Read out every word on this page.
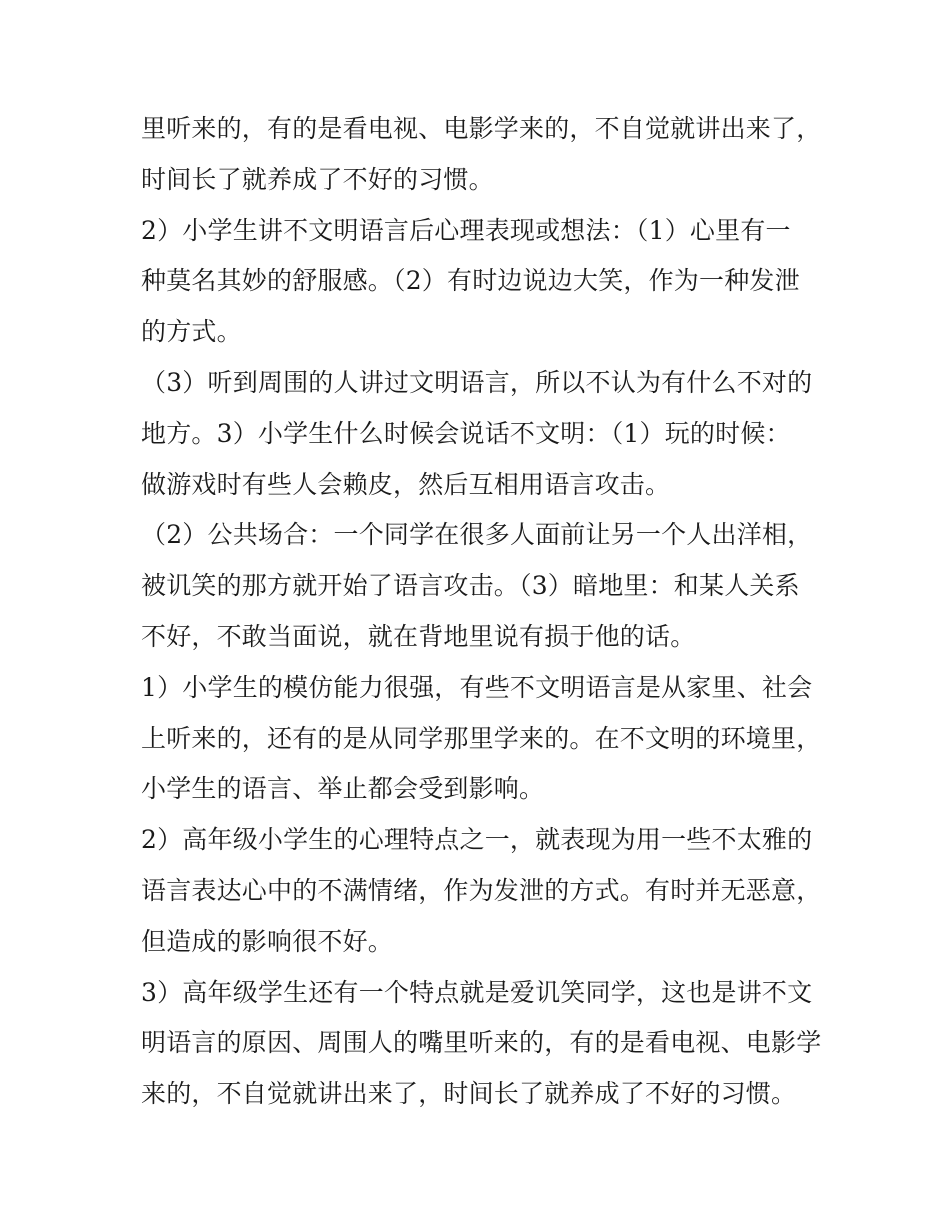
里听来的，有的是看电视、电影学来的，不自觉就讲出来了，
时间长了就养成了不好的习惯。
2）小学生讲不文明语言后心理表现或想法：（1）心里有一
种莫名其妙的舒服感。（2）有时边说边大笑，作为一种发泄
的方式。
（3）听到周围的人讲过文明语言，所以不认为有什么不对的
地方。3）小学生什么时候会说话不文明：（1）玩的时候：
做游戏时有些人会赖皮，然后互相用语言攻击。
（2）公共场合：一个同学在很多人面前让另一个人出洋相，
被讥笑的那方就开始了语言攻击。（3）暗地里：和某人关系
不好，不敢当面说，就在背地里说有损于他的话。
1）小学生的模仿能力很强，有些不文明语言是从家里、社会
上听来的，还有的是从同学那里学来的。在不文明的环境里，
小学生的语言、举止都会受到影响。
2）高年级小学生的心理特点之一，就表现为用一些不太雅的
语言表达心中的不满情绪，作为发泄的方式。有时并无恶意，
但造成的影响很不好。
3）高年级学生还有一个特点就是爱讥笑同学，这也是讲不文
明语言的原因、周围人的嘴里听来的，有的是看电视、电影学
来的，不自觉就讲出来了，时间长了就养成了不好的习惯。
